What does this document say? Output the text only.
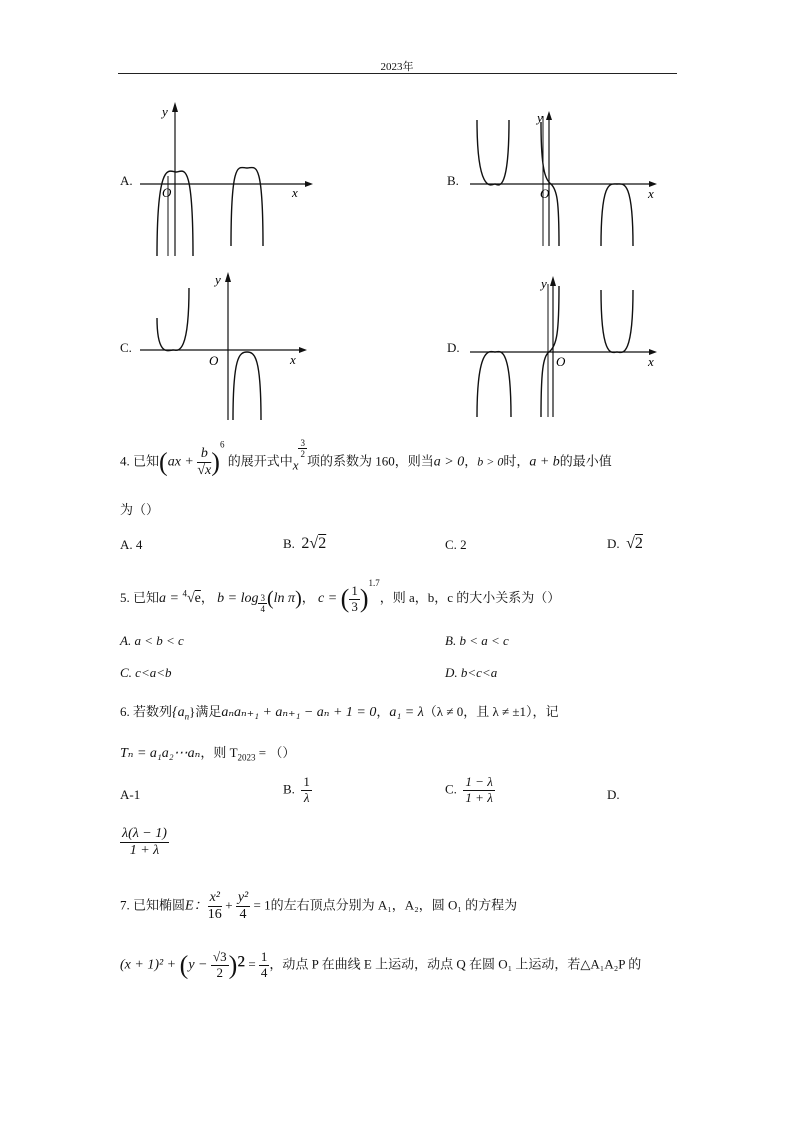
2023年
A.
y
x
O
B.
y
x
O
C.
y
x
O
D.
y
x
O
4. 已知$(ax + \frac{b}{√x} )^6$ 的展开式中x
$\frac{3}{2}$
项的系数为 160，则当a > 0，b > 0时，a + b的最小值
为（）
A. 4	B. 2√2	C. 2	D. √2
5. 已知a = $^4$√e， $b = \log \frac{3}{4} (\ln$ π)， c = ( $\frac{1}{3} )^{1.7}$，则 a，b，c 的大小关系为（）
A. a < b < c	B. b < a < c
C. c<a<b	D. b<c<a
6. 若数列$\{a_n\}$满足aₙaₙ₊₁ + aₙ₊₁ − aₙ + 1 = 0，a₁ = λ（λ ≠ 0，且 λ ≠ ±1），记
Tₙ = a₁a₂⋯aₙ，则 $T_{2023}$ = （）
A-1	B. $\frac{1}{\lambda}$	C. $\frac{1 - \lambda}{1 + \lambda}$	D.
$\frac{\lambda(\lambda - 1)}{1 + \lambda}$
7. 已知椭圆E： $\frac{\text{x²}}{16} + \frac{\text{y²}}{4} = 1$的左右顶点分别为 A₁，A₂，圆 O₁ 的方程为
$(x + 1)^2 + (y - \frac{√3}{2} )^2 = \frac{1}{4}$ ，动点 P 在曲线 E 上运动，动点 Q 在圆 O₁ 上运动，若△A₁A₂P 的
